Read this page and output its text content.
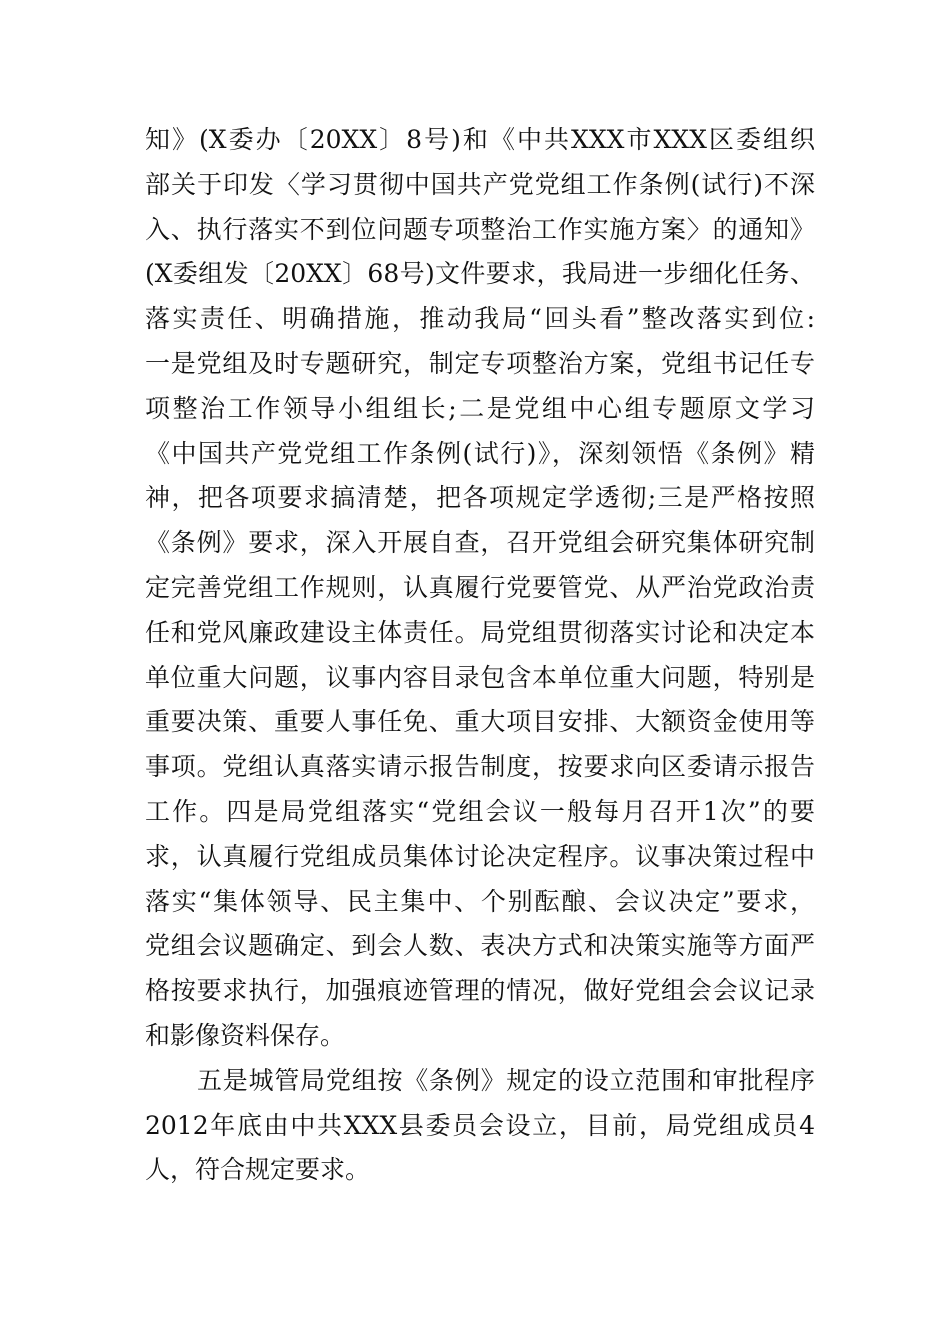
知》(X委办〔20XX〕8号)和《中共XXX市XXX区委组织
部关于印发〈学习贯彻中国共产党党组工作条例(试行)不深
入、执行落实不到位问题专项整治工作实施方案〉的通知》
(X委组发〔20XX〕68号)文件要求，我局进一步细化任务、
落实责任、明确措施，推动我局“回头看”整改落实到位:
一是党组及时专题研究，制定专项整治方案，党组书记任专
项整治工作领导小组组长;二是党组中心组专题原文学习
《中国共产党党组工作条例(试行)》，深刻领悟《条例》精
神，把各项要求搞清楚，把各项规定学透彻;三是严格按照
《条例》要求，深入开展自查，召开党组会研究集体研究制
定完善党组工作规则，认真履行党要管党、从严治党政治责
任和党风廉政建设主体责任。局党组贯彻落实讨论和决定本
单位重大问题，议事内容目录包含本单位重大问题，特别是
重要决策、重要人事任免、重大项目安排、大额资金使用等
事项。党组认真落实请示报告制度，按要求向区委请示报告
工作。四是局党组落实“党组会议一般每月召开1次”的要
求，认真履行党组成员集体讨论决定程序。议事决策过程中
落实“集体领导、民主集中、个别酝酿、会议决定”要求，
党组会议题确定、到会人数、表决方式和决策实施等方面严
格按要求执行，加强痕迹管理的情况，做好党组会会议记录
和影像资料保存。
五是城管局党组按《条例》规定的设立范围和审批程序
2012年底由中共XXX县委员会设立，目前，局党组成员4
人，符合规定要求。
